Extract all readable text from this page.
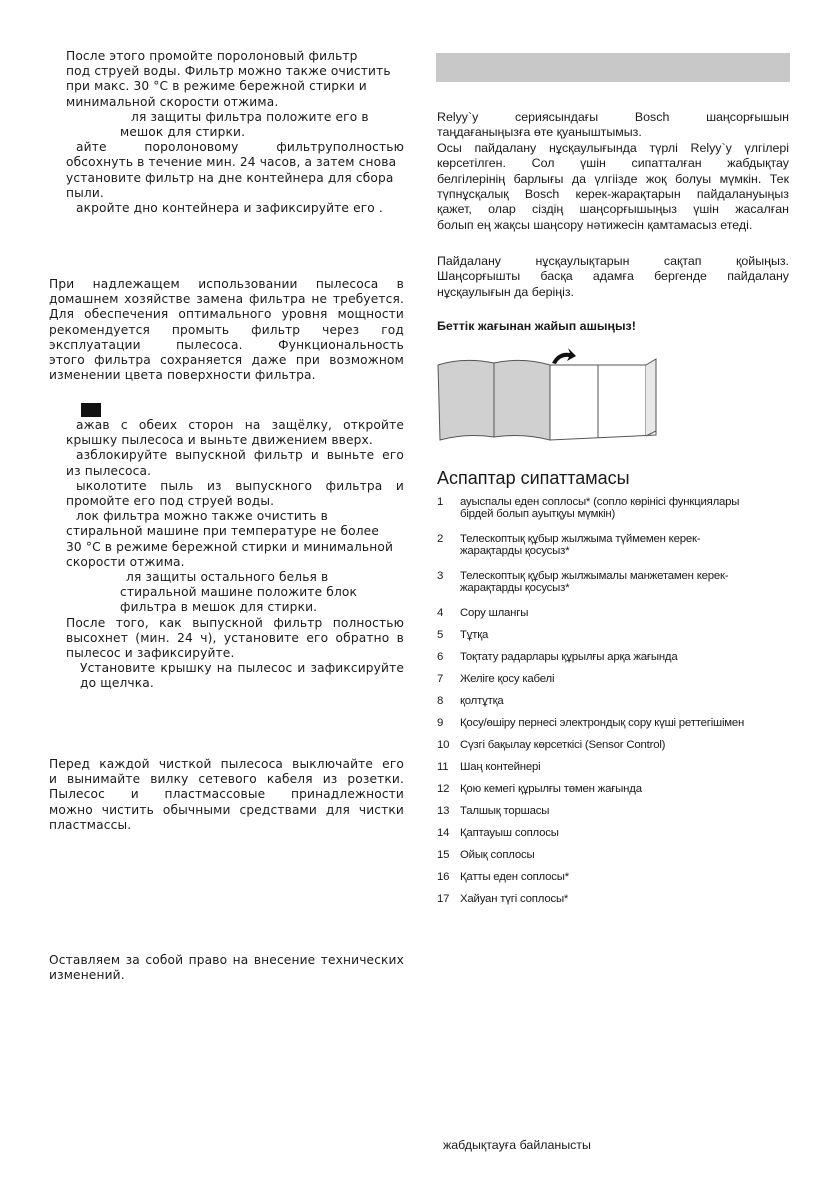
После этого промойте поролоновый фильтр

под струей воды. Фильтр можно также очистить

при макс. 30 °C в режиме бережной стирки и

минимальной скорости отжима.

ля защиты фильтра положите его в

мешок для стирки.

айте поролоновому фильтруполностью

обсохнуть в течение мин. 24 часов, а затем снова

установите фильтр на дне контейнера для сбора

пыли.

акройте дно контейнера и зафиксируйте его .

При надлежащем использовании пылесоса в

домашнем хозяйстве замена фильтра не требуется.

Для обеспечения оптимального уровня мощности

рекомендуется промыть фильтр через год

эксплуатации пылесоса. Функциональность

этого фильтра сохраняется даже при возможном

изменении цвета поверхности фильтра.

ажав с обеих сторон на защёлку, откройте

крышку пылесоса и выньте движением вверх.

азблокируйте выпускной фильтр и выньте его

из пылесоса.

ыколотите пыль из выпускного фильтра и

промойте его под струей воды.

лок фильтра можно также очистить в

стиральной машине при температуре не более

30 °C в режиме бережной стирки и минимальной

скорости отжима.

ля защиты остального белья в

стиральной машине положите блок

фильтра в мешок для стирки.

После того, как выпускной фильтр полностью

высохнет (мин. 24 ч), установите его обратно в

пылесос и зафиксируйте.

Установите крышку на пылесос и зафиксируйте

до щелчка.

Перед каждой чисткой пылесоса выключайте его

и вынимайте вилку сетевого кабеля из розетки.

Пылесос и пластмассовые принадлежности

можно чистить обычными средствами для чистки

пластмассы.

Оставляем за собой право на внесение технических

изменений.

Relyy`у сериясындағы Bosch шаңсорғышын

таңдағаныңызға өте қуаныштымыз.

Осы пайдалану нұсқаулығында түрлі Relyy`у үлгілері

көрсетілген. Сол үшін сипатталған жабдықтау

белгілерінің барлығы да үлгіізде жоқ болуы мүмкін. Тек

түпнұсқалық Bosch керек-жарақтарын пайдалануыңыз

қажет, олар сіздің шаңсорғышыңыз үшін жасалған

болып ең жақсы шаңсору нәтижесін қамтамасыз етеді.

Пайдалану нұсқаулықтарын сақтап қойыңыз.

Шаңсорғышты басқа адамға бергенде пайдалану

нұсқаулығын да беріңіз.

Беттік жағынан жайып ашыңыз!
Аспаптар сипаттамасы
1 ауыспалы еден соплосы* (сопло көрінісі функциялары
бірдей болып ауытқуы мүмкін)
2 Телескоптық құбыр жылжыма түймемен керек-
жарақтарды қосусыз*
3 Телескоптық құбыр жылжымалы манжетамен керек-
жарақтарды қосусыз*
4 Сору шлангы
5 Тұтқа
6 Тоқтату радарлары құрылғы арқа жағында
7 Желіге қосу кабелі
8 қолтұтқа
9 Қосу/өшіру пернесі электрондық сору күші реттегішімен
10 Сүзгі бақылау көрсеткісі (Sensor Control)
11 Шаң контейнері
12 Қою кемегі құрылғы төмен жағында
13 Талшық торшасы
14 Қаптауыш соплосы
15 Ойық соплосы
16 Қатты еден соплосы*
17 Хайуан түгі соплосы*
жабдықтауға байланысты
